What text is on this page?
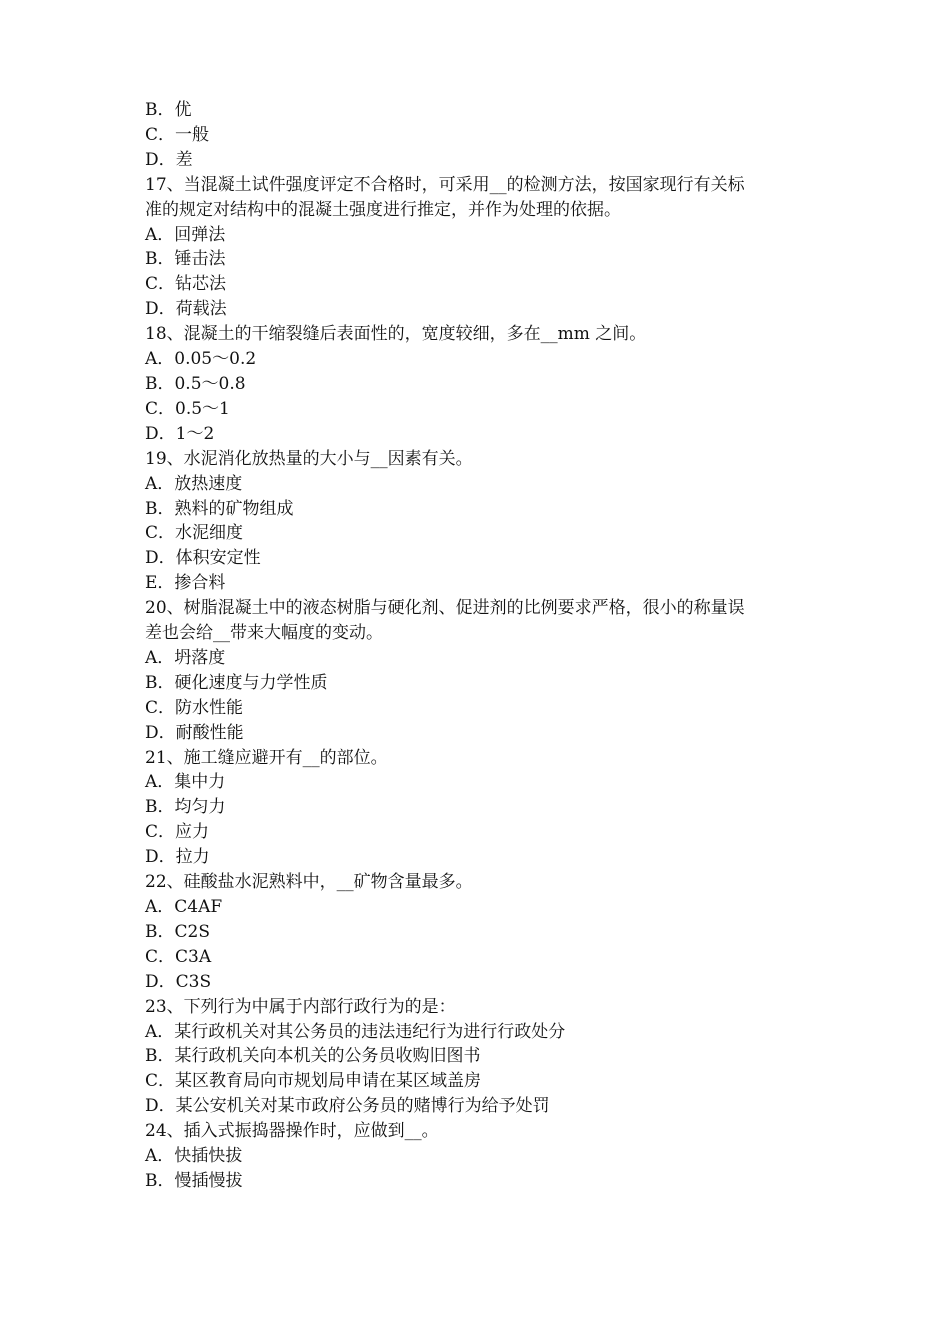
B．优

C．一般

D．差

17、当混凝土试件强度评定不合格时，可采用__的检测方法，按国家现行有关标

准的规定对结构中的混凝土强度进行推定，并作为处理的依据。

A．回弹法

B．锤击法

C．钻芯法

D．荷载法

18、混凝土的干缩裂缝后表面性的，宽度较细，多在__mm 之间。

A．0.05～0.2

B．0.5～0.8

C．0.5～1

D．1～2

19、水泥消化放热量的大小与__因素有关。

A．放热速度

B．熟料的矿物组成

C．水泥细度

D．体积安定性

E．掺合料

20、树脂混凝土中的液态树脂与硬化剂、促进剂的比例要求严格，很小的称量误

差也会给__带来大幅度的变动。

A．坍落度

B．硬化速度与力学性质

C．防水性能

D．耐酸性能

21、施工缝应避开有__的部位。

A．集中力

B．均匀力

C．应力

D．拉力

22、硅酸盐水泥熟料中，__矿物含量最多。

A．C4AF

B．C2S

C．C3A

D．C3S

23、下列行为中属于内部行政行为的是：

A．某行政机关对其公务员的违法违纪行为进行行政处分

B．某行政机关向本机关的公务员收购旧图书

C．某区教育局向市规划局申请在某区域盖房

D．某公安机关对某市政府公务员的赌博行为给予处罚

24、插入式振捣器操作时，应做到__。

A．快插快拔

B．慢插慢拔
